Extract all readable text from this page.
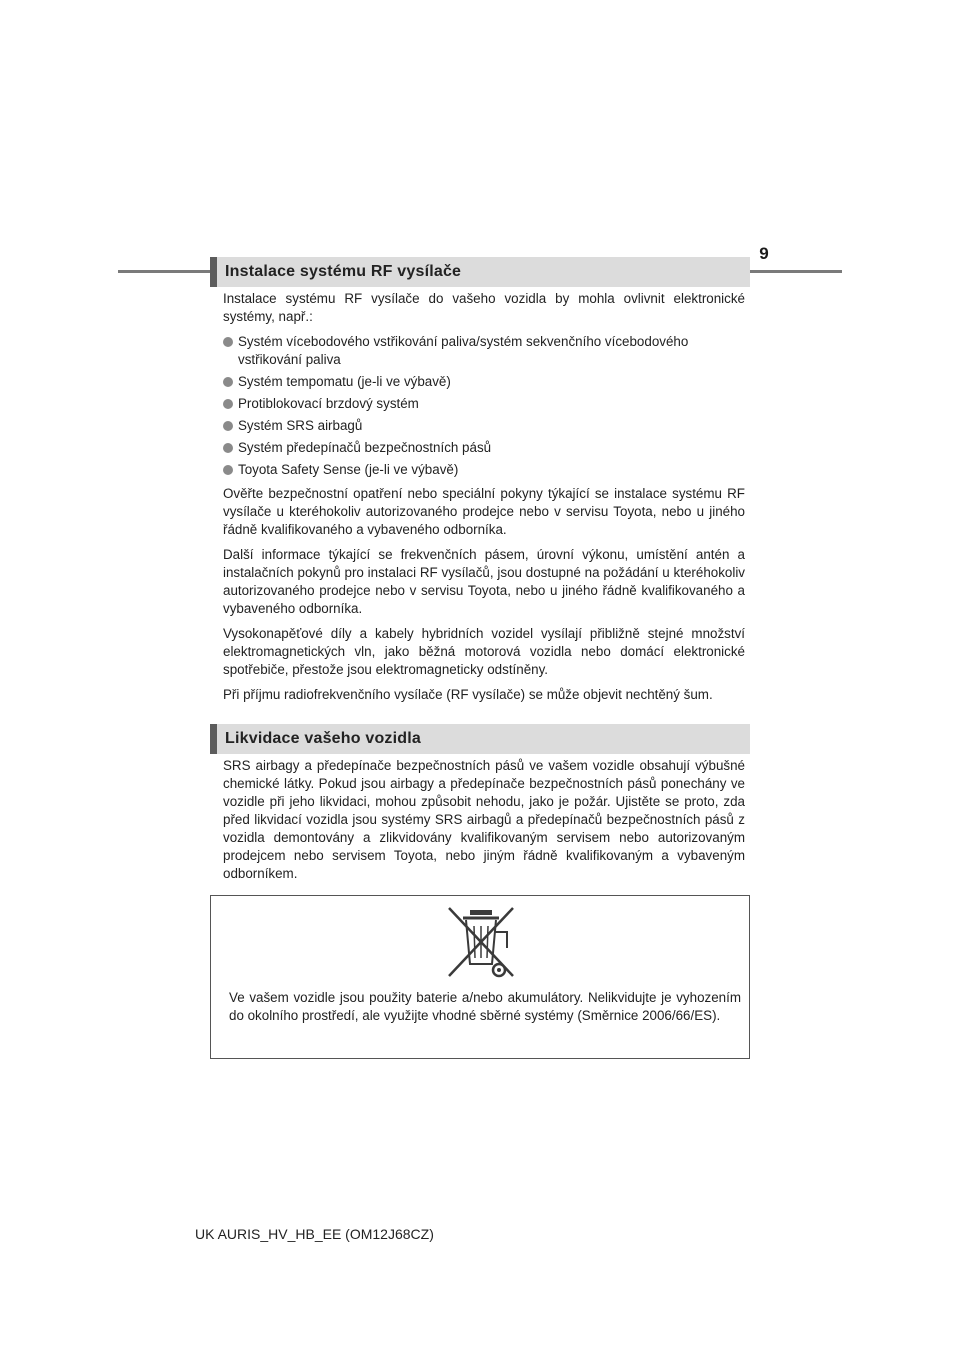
9
Instalace systému RF vysílače

Instalace systému RF vysílače do vašeho vozidla by mohla ovlivnit elektronické systémy, např.:

Systém vícebodového vstřikování paliva/systém sekvenčního vícebodového vstřikování paliva
Systém tempomatu (je-li ve výbavě)
Protiblokovací brzdový systém
Systém SRS airbagů
Systém předepínačů bezpečnostních pásů
Toyota Safety Sense (je-li ve výbavě)

Ověřte bezpečnostní opatření nebo speciální pokyny týkající se instalace systému RF vysílače u kteréhokoliv autorizovaného prodejce nebo v servisu Toyota, nebo u jiného řádně kvalifikovaného a vybaveného odborníka.

Další informace týkající se frekvenčních pásem, úrovní výkonu, umístění antén a instalačních pokynů pro instalaci RF vysílačů, jsou dostupné na požádání u kteréhokoliv autorizovaného prodejce nebo v servisu Toyota, nebo u jiného řádně kvalifikovaného a vybaveného odborníka.

Vysokonapěťové díly a kabely hybridních vozidel vysílají přibližně stejné množství elektromagnetických vln, jako běžná motorová vozidla nebo domácí elektronické spotřebiče, přestože jsou elektromagneticky odstíněny.

Při příjmu radiofrekvenčního vysílače (RF vysílače) se může objevit nechtěný šum.

Likvidace vašeho vozidla

SRS airbagy a předepínače bezpečnostních pásů ve vašem vozidle obsahují výbušné chemické látky. Pokud jsou airbagy a předepínače bezpečnostních pásů ponechány ve vozidle při jeho likvidaci, mohou způsobit nehodu, jako je požár. Ujistěte se proto, zda před likvidací vozidla jsou systémy SRS airbagů a předepínačů bezpečnostních pásů z vozidla demontovány a zlikvidovány kvalifikovaným servisem nebo autorizovaným prodejcem nebo servisem Toyota, nebo jiným řádně kvalifikovaným a vybaveným odborníkem.

Ve vašem vozidle jsou použity baterie a/nebo akumulátory. Nelikvidujte je vyhozením do okolního prostředí, ale využijte vhodné sběrné systémy (Směrnice 2006/66/ES).
UK AURIS_HV_HB_EE (OM12J68CZ)
